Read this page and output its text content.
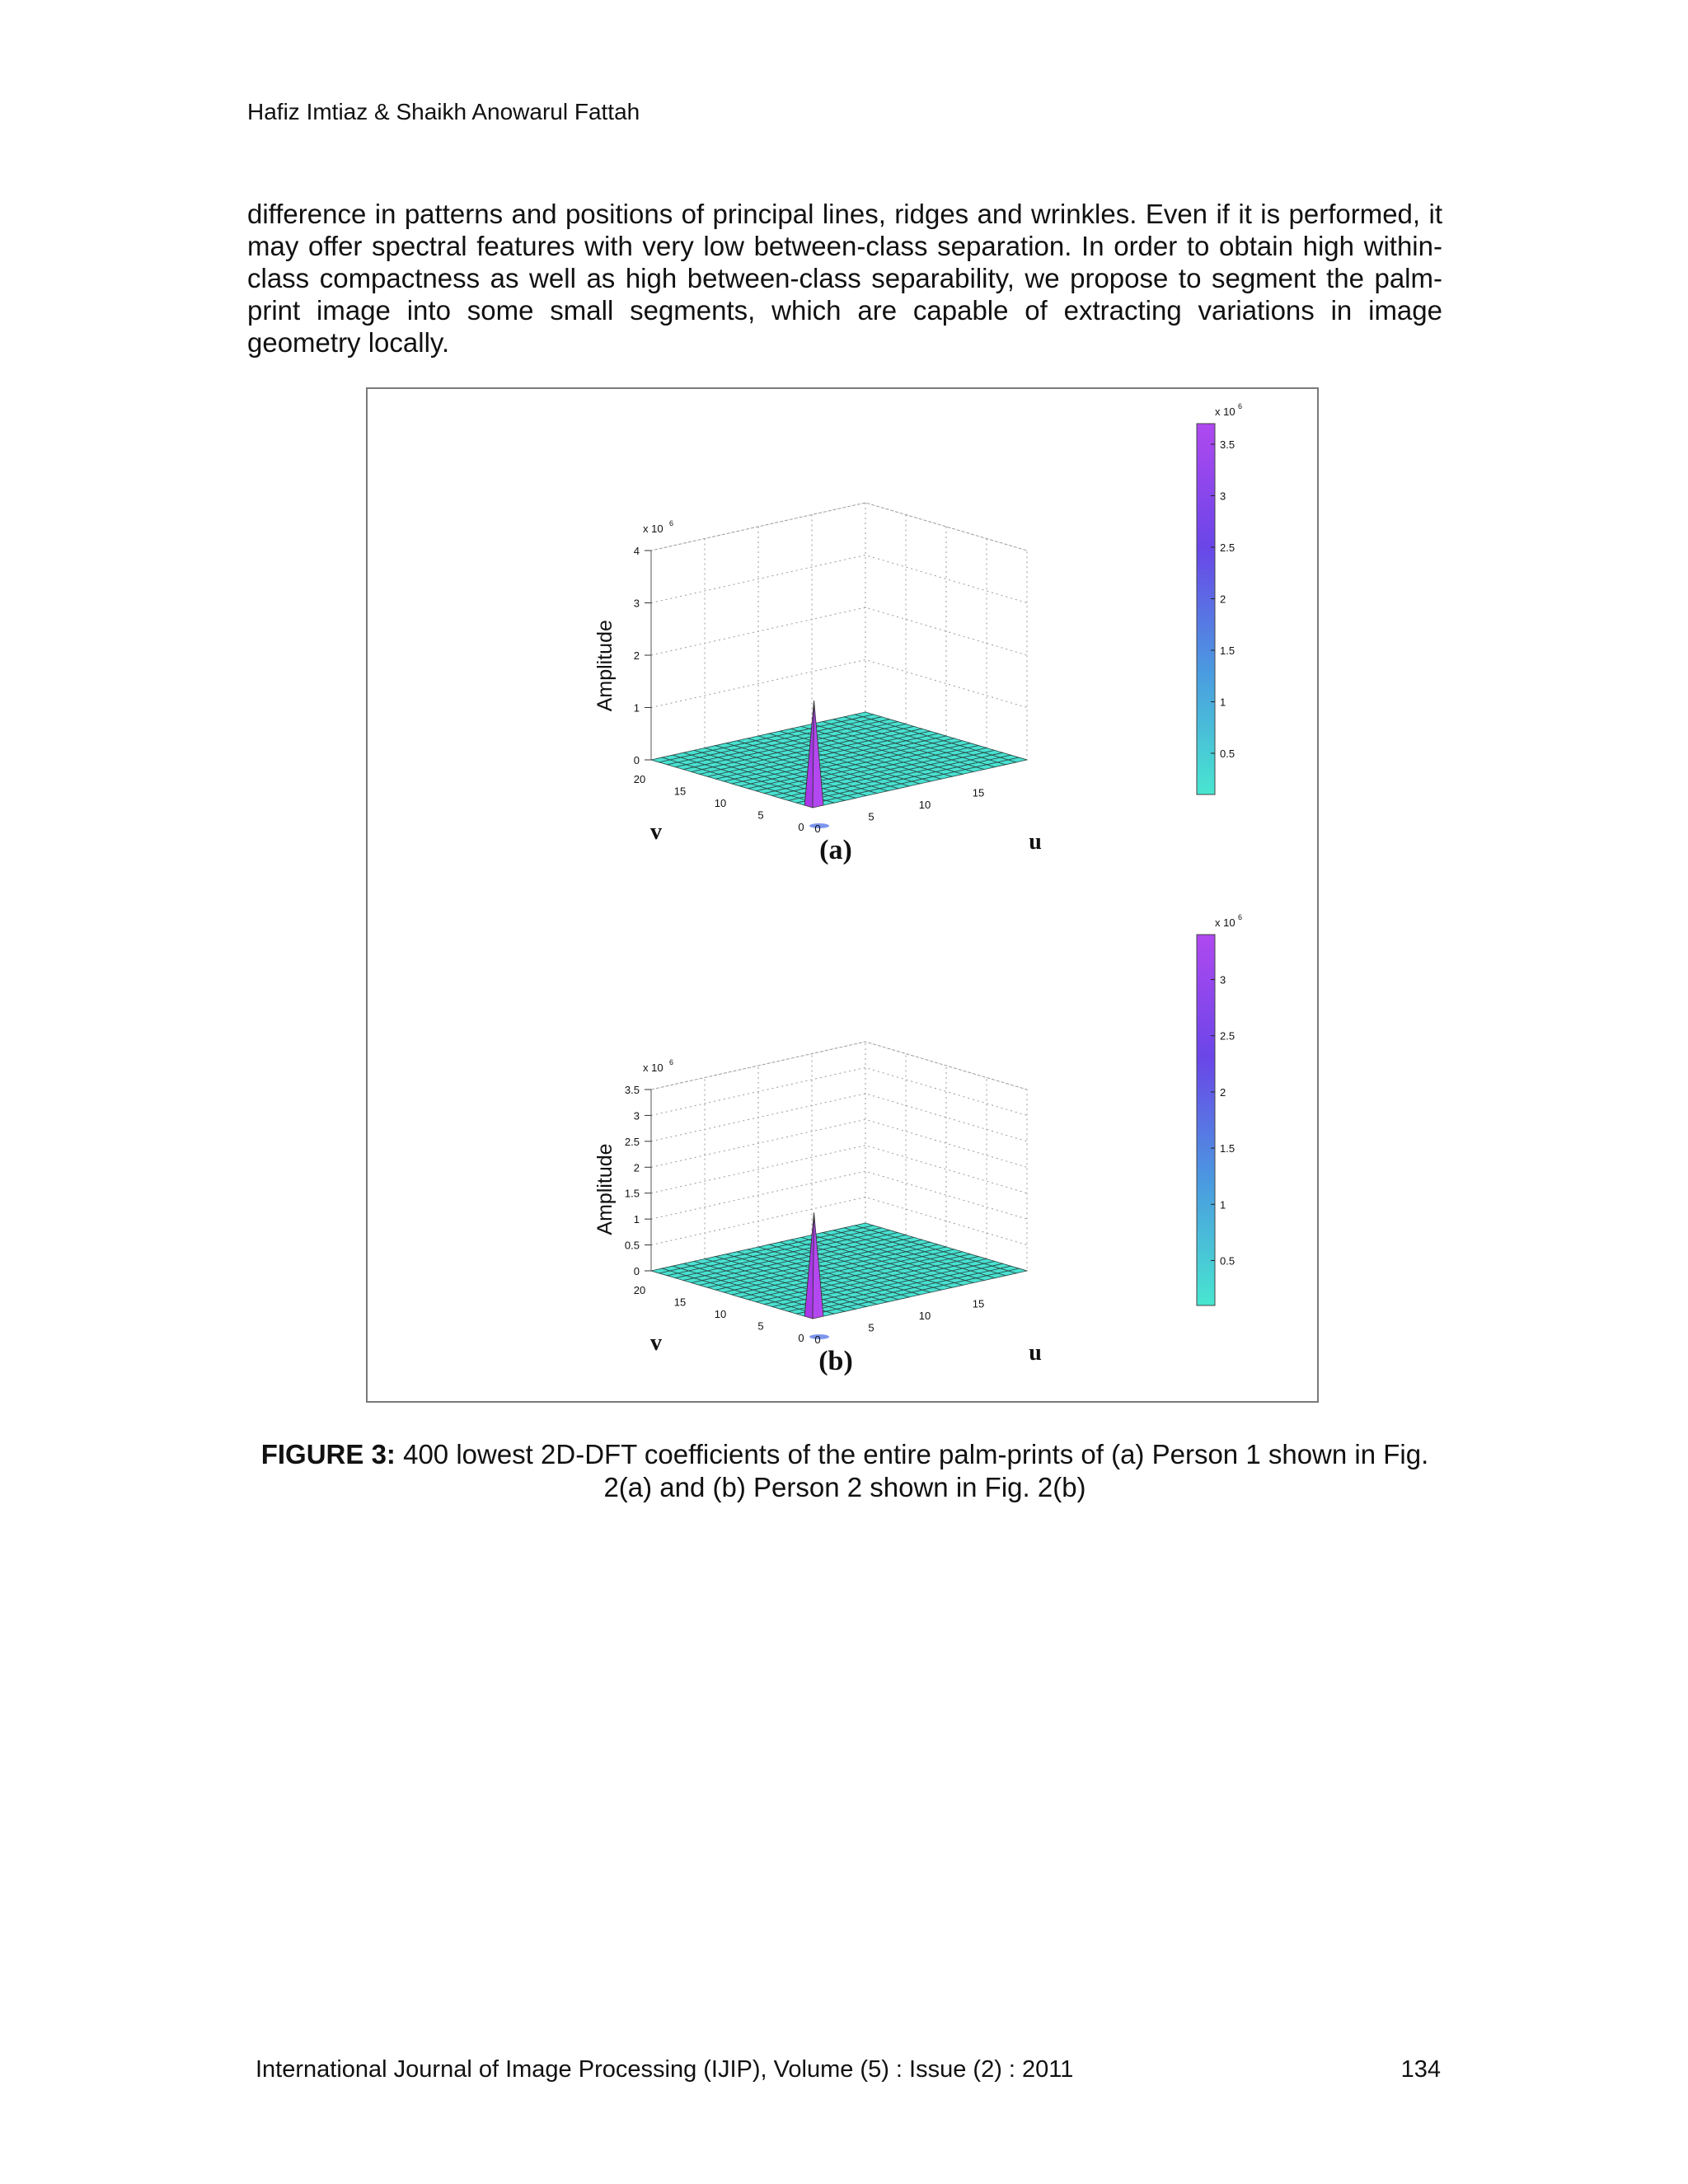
Hafiz Imtiaz & Shaikh Anowarul Fattah
difference in patterns and positions of principal lines, ridges and wrinkles. Even if it is performed, it may offer spectral features with very low between-class separation. In order to obtain high within-class compactness as well as high between-class separability, we propose to segment the palm-print image into some small segments, which are capable of extracting variations in image geometry locally.
0
1
2
3
4
x 10 6
Amplitude
0
5
10
15
20
v	0
5
10
15
u
0.5
1
1.5
2
2.5
3
3.5
x 10 6
(a)
0
0.5
1
1.5
2
2.5
3
3.5
x 10 6
Amplitude
0
5
10
15
20
v	0
5
10
15
u
0.5
1
1.5
2
2.5
3
x 10 6
(b)
FIGURE 3: 400 lowest 2D-DFT coefficients of the entire palm-prints of (a) Person 1 shown in Fig. 2(a) and (b) Person 2 shown in Fig. 2(b)
International Journal of Image Processing (IJIP), Volume (5) : Issue (2) : 2011	134
